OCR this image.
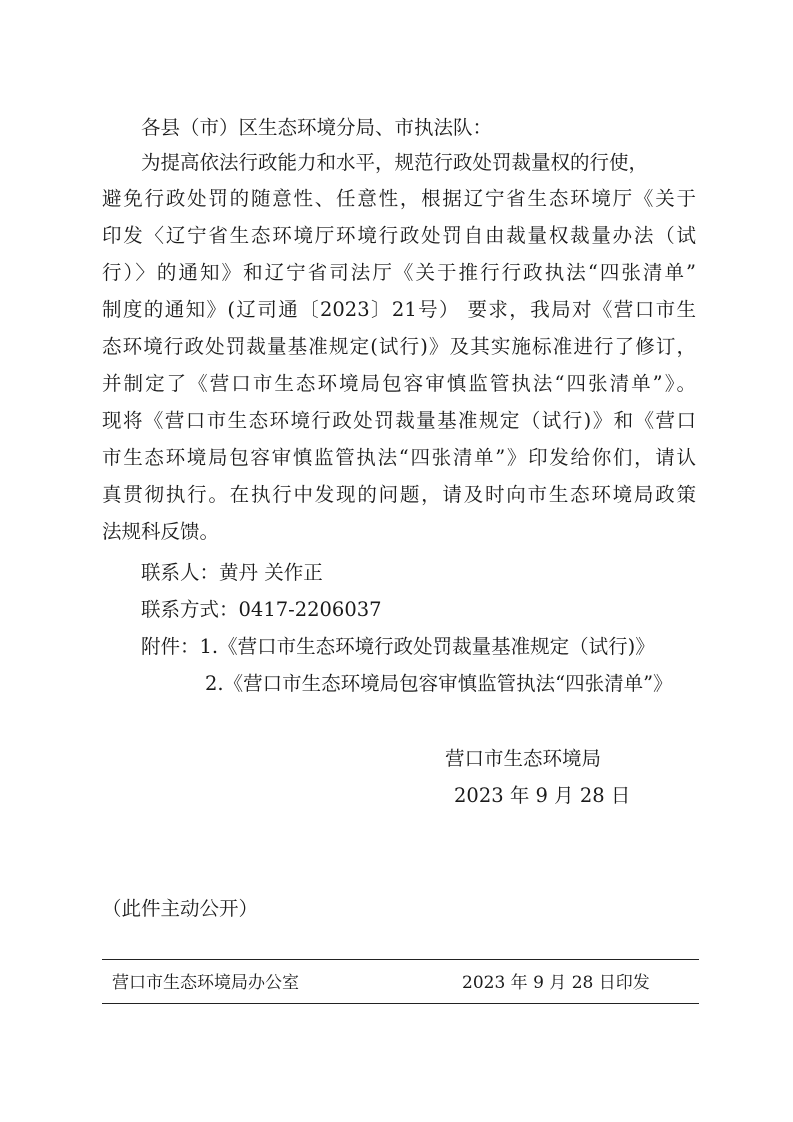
各县（市）区生态环境分局、市执法队：
为提高依法行政能力和水平，规范行政处罚裁量权的行使，
避免行政处罚的随意性、任意性，根据辽宁省生态环境厅《关于
印发〈辽宁省生态环境厅环境行政处罚自由裁量权裁量办法（试
行）〉的通知》和辽宁省司法厅《关于推行行政执法“四张清单”
制度的通知》(辽司通〔2023〕21号） 要求，我局对《营口市生
态环境行政处罚裁量基准规定(试行)》及其实施标准进行了修订，
并制定了《营口市生态环境局包容审慎监管执法“四张清单”》。
现将《营口市生态环境行政处罚裁量基准规定（试行)》和《营口
市生态环境局包容审慎监管执法“四张清单”》印发给你们，请认
真贯彻执行。在执行中发现的问题，请及时向市生态环境局政策
法规科反馈。
联系人：黄丹 关作正
联系方式：0417-2206037
附件：1.《营口市生态环境行政处罚裁量基准规定（试行)》
2.《营口市生态环境局包容审慎监管执法“四张清单”》
营口市生态环境局
2023 年 9 月 28 日
（此件主动公开）
营口市生态环境局办公室	2023 年 9 月 28 日印发
